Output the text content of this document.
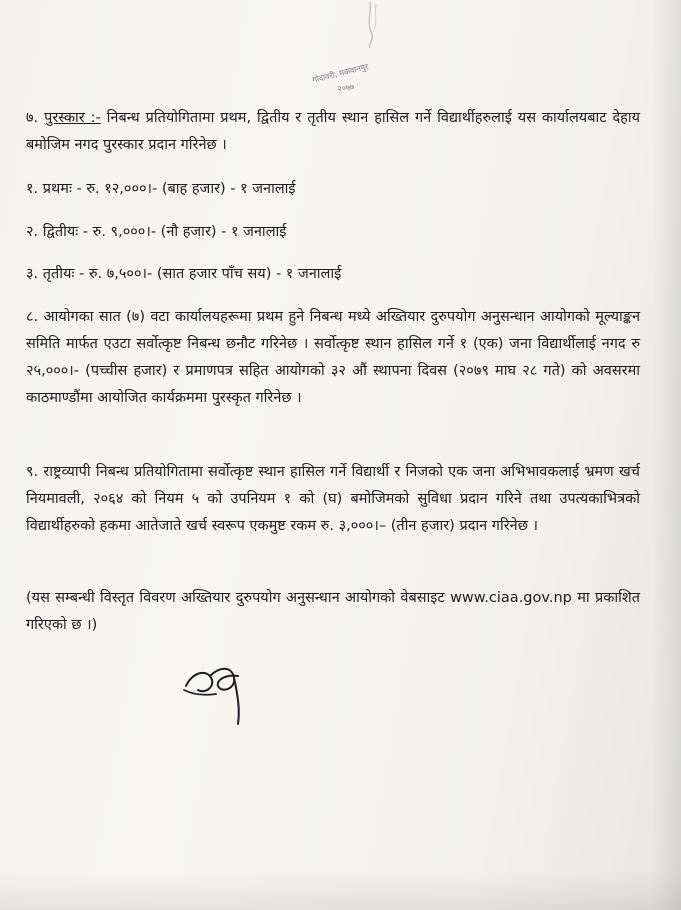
गोदावरी, मकवानपुर
२०७७
७. पुरस्कार :- निबन्ध प्रतियोगितामा प्रथम, द्वितीय र तृतीय स्थान हासिल गर्ने विद्यार्थीहरुलाई यस कार्यालयबाट देहाय बमोजिम नगद पुरस्कार प्रदान गरिनेछ ।
१. प्रथमः - रु. १२,०००।- (बाह हजार) - १ जनालाई
२. द्वितीयः - रु. ९,०००।- (नौ हजार) - १ जनालाई
३. तृतीयः - रु. ७,५००।- (सात हजार पाँच सय) - १ जनालाई
८. आयोगका सात (७) वटा कार्यालयहरूमा प्रथम हुने निबन्ध मध्ये अख्तियार दुरुपयोग अनुसन्धान आयोगको मूल्याङ्कन समिति मार्फत एउटा सर्वोत्कृष्ट निबन्ध छनौट गरिनेछ । सर्वोत्कृष्ट स्थान हासिल गर्ने १ (एक) जना विद्यार्थीलाई नगद रु २५,०००।- (पच्चीस हजार) र प्रमाणपत्र सहित आयोगको ३२ औं स्थापना दिवस (२०७९ माघ २८ गते) को अवसरमा काठमाण्डौंमा आयोजित कार्यक्रममा पुरस्कृत गरिनेछ ।
९. राष्ट्रव्यापी निबन्ध प्रतियोगितामा सर्वोत्कृष्ट स्थान हासिल गर्ने विद्यार्थी र निजको एक जना अभिभावकलाई भ्रमण खर्च नियमावली, २०६४ को नियम ५ को उपनियम १ को (घ) बमोजिमको सुविधा प्रदान गरिने तथा उपत्यकाभित्रको विद्यार्थीहरुको हकमा आतेजाते खर्च स्वरूप एकमुष्ट रकम रु. ३,०००।– (तीन हजार) प्रदान गरिनेछ ।
(यस सम्बन्धी विस्तृत विवरण अख्तियार दुरुपयोग अनुसन्धान आयोगको वेबसाइट www.ciaa.gov.np मा प्रकाशित गरिएको छ ।)
